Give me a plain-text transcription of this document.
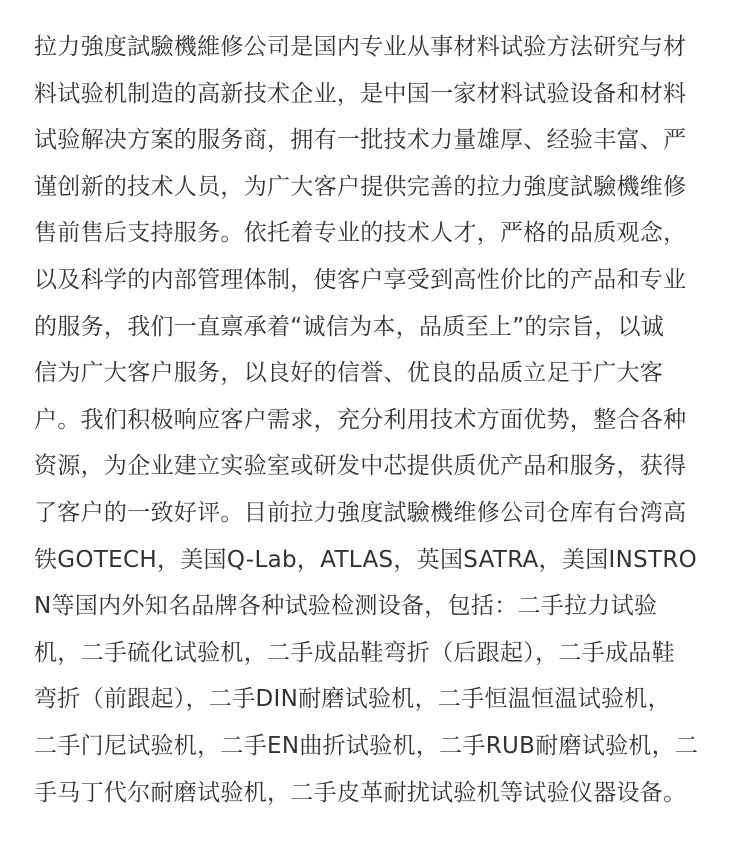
拉力強度試驗機維修公司是国内专业从事材料试验方法研究与材
料试验机制造的高新技术企业，是中国一家材料试验设备和材料
试验解决方案的服务商，拥有一批技术力量雄厚、经验丰富、严
谨创新的技术人员，为广大客户提供完善的拉力強度試驗機维修
售前售后支持服务。依托着专业的技术人才，严格的品质观念，
以及科学的内部管理体制，使客户享受到高性价比的产品和专业
的服务，我们一直禀承着“诚信为本，品质至上”的宗旨，以诚
信为广大客户服务，以良好的信誉、优良的品质立足于广大客
户。我们积极响应客户需求，充分利用技术方面优势，整合各种
资源，为企业建立实验室或研发中芯提供质优产品和服务，获得
了客户的一致好评。目前拉力強度試驗機维修公司仓库有台湾高
铁GOTECH，美国Q-Lab，ATLAS，英国SATRA，美国INSTRO
N等国内外知名品牌各种试验检测设备，包括：二手拉力试验
机，二手硫化试验机，二手成品鞋弯折（后跟起），二手成品鞋
弯折（前跟起），二手DIN耐磨试验机，二手恒温恒温试验机，
二手门尼试验机，二手EN曲折试验机，二手RUB耐磨试验机，二
手马丁代尔耐磨试验机，二手皮革耐扰试验机等试验仪器设备。
